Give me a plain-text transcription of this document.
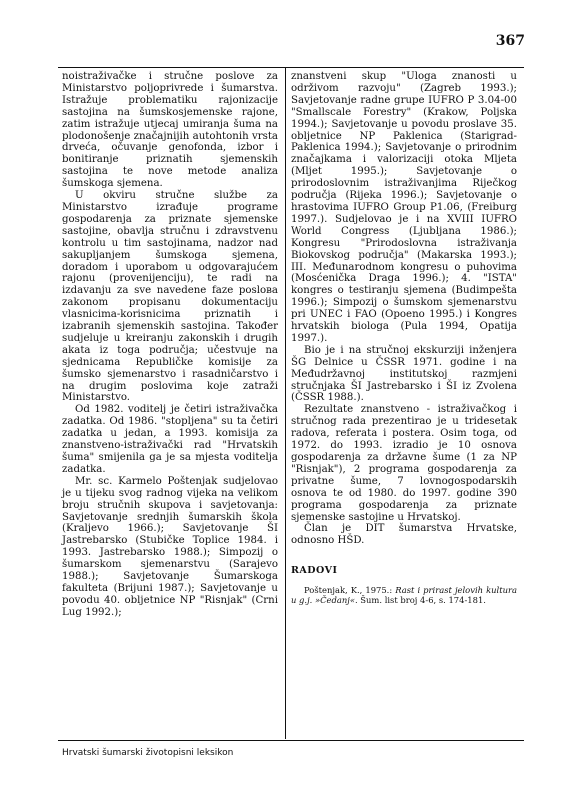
367

noistraživačke i stručne poslove za Ministarstvo poljoprivrede i šumarstva. Istražuje problematiku rajonizacije sastojina na šumskosjemenske rajone, zatim istražuje utjecaj umiranja šuma na plodonošenje značajnijih autohtonih vrsta drveća, očuvanje genofonda, izbor i bonitiranje priznatih sjemenskih sastojina te nove metode analiza šumskoga sjemena.

U okviru stručne službe za Ministarstvo izrađuje programe gospodarenja za priznate sjemenske sastojine, obavlja stručnu i zdravstvenu kontrolu u tim sastojinama, nadzor nad sakupljanjem šumskoga sjemena, doradom i uporabom u odgovarajućem rajonu (provenijenciju), te radi na izdavanju za sve navedene faze posloва zakonom propisanu dokumentaciju vlasnicima-korisnicima priznatih i izabranih sjemenskih sastojina. Također sudjeluje u kreiranju zakonskih i drugih akata iz toga područja; učestvuje na sjednicama Republičke komisije za šumsko sjemenarstvo i rasadničarstvo i na drugim poslovima koje zatraži Ministarstvo.

Od 1982. voditelj je četiri istraživačka zadatka. Od 1986. "stopljena" su ta četiri zadatka u jedan, a 1993. komisija za znanstveno-istraživački rad "Hrvatskih šuma" smijenila ga je sa mjesta voditelja zadatka.

Mr. sc. Karmelo Poštenjak sudjelovao je u tijeku svog radnog vijeka na velikom broju stručnih skupova i savjetovanja: Savjetovanje srednjih šumarskih škola (Kraljevo 1966.); Savjetovanje ŠI Jastrebarsko (Stubičke Toplice 1984. i 1993. Jastrebarsko 1988.); Simpozij o šumarskom sjemenarstvu (Sarajevo 1988.); Savjetovanje Šumarskoga fakulteta (Brijuni 1987.); Savjetovanje u povodu 40. obljetnice NP "Risnjak" (Crni Lug 1992.);

znanstveni skup "Uloga znanosti u održivom razvoju" (Zagreb 1993.); Savjetovanje radne grupe IUFRO P 3.04-00 "Smallscale Forestry" (Krakow, Poljska 1994.); Savjetovanje u povodu proslave 35. obljetnice NP Paklenica (Starigrad-Paklenica 1994.); Savjetovanje o prirodnim značajkama i valorizaciji otoka Mljeta (Mljet 1995.); Savjetovanje o prirodoslovnim istraživanjima Riječkog područja (Rijeka 1996.); Savjetovanje o hrastovima IUFRO Group P1.06, (Freiburg 1997.). Sudjelovao je i na XVIII IUFRO World Congress (Ljubljana 1986.); Kongresu "Prirodoslovna istraživanja Biokovskog područja" (Makarska 1993.); III. Međunarodnom kongresu o puhovima (Mosćenička Draga 1996.); 4. "ISTA" kongres o testiranju sjemena (Budimpešta 1996.); Simpozij o šumskom sjemenarstvu pri UNEC i FAO (Opoeno 1995.) i Kongres hrvatskih biologa (Pula 1994, Opatija 1997.).

Bio je i na stručnoj ekskurziji inženjera ŠG Delnice u ČSSR 1971. godine i na Međudržavnoj institutskoj razmjeni stručnjaka ŠI Jastrebarsko i ŠI iz Zvolena (ČSSR 1988.).

Rezultate znanstveno - istraživačkog i stručnog rada prezentirao je u tridesetak radova, referata i postera. Osim toga, od 1972. do 1993. izradio je 10 osnova gospodarenja za državne šume (1 za NP "Risnjak"), 2 programa gospodarenja za privatne šume, 7 lovnogospodarskih osnova te od 1980. do 1997. godine 390 programa gospodarenja za priznate sjemenske sastojine u Hrvatskoj.

Član je DIT šumarstva Hrvatske, odnosno HŠD.

RADOVI

Poštenjak, K., 1975.: Rast i prirast jelovih kultura u g.j. »Čedanj«. Šum. list broj 4-6, s. 174-181.

Hrvatski šumarski životopisni leksikon
